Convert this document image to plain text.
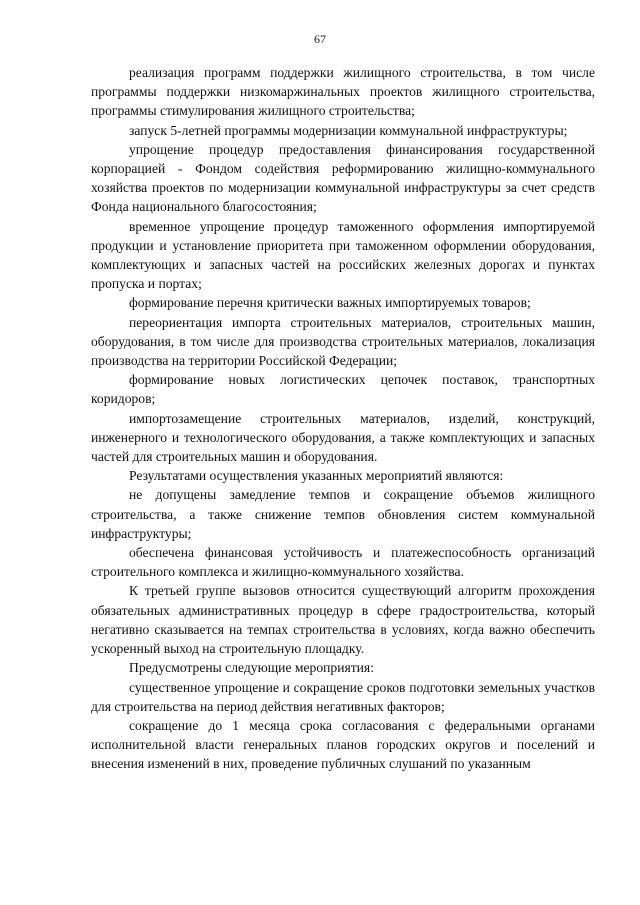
67

реализация программ поддержки жилищного строительства, в том числе программы поддержки низкомаржинальных проектов жилищного строительства, программы стимулирования жилищного строительства;

запуск 5-летней программы модернизации коммунальной инфраструктуры;

упрощение процедур предоставления финансирования государственной корпорацией - Фондом содействия реформированию жилищно-коммунального хозяйства проектов по модернизации коммунальной инфраструктуры за счет средств Фонда национального благосостояния;

временное упрощение процедур таможенного оформления импортируемой продукции и установление приоритета при таможенном оформлении оборудования, комплектующих и запасных частей на российских железных дорогах и пунктах пропуска и портах;

формирование перечня критически важных импортируемых товаров;

переориентация импорта строительных материалов, строительных машин, оборудования, в том числе для производства строительных материалов, локализация производства на территории Российской Федерации;

формирование новых логистических цепочек поставок, транспортных коридоров;

импортозамещение строительных материалов, изделий, конструкций, инженерного и технологического оборудования, а также комплектующих и запасных частей для строительных машин и оборудования.

Результатами осуществления указанных мероприятий являются:

не допущены замедление темпов и сокращение объемов жилищного строительства, а также снижение темпов обновления систем коммунальной инфраструктуры;

обеспечена финансовая устойчивость и платежеспособность организаций строительного комплекса и жилищно-коммунального хозяйства.

К третьей группе вызовов относится существующий алгоритм прохождения обязательных административных процедур в сфере градостроительства, который негативно сказывается на темпах строительства в условиях, когда важно обеспечить ускоренный выход на строительную площадку.

Предусмотрены следующие мероприятия:

существенное упрощение и сокращение сроков подготовки земельных участков для строительства на период действия негативных факторов;

сокращение до 1 месяца срока согласования с федеральными органами исполнительной власти генеральных планов городских округов и поселений и внесения изменений в них, проведение публичных слушаний по указанным
